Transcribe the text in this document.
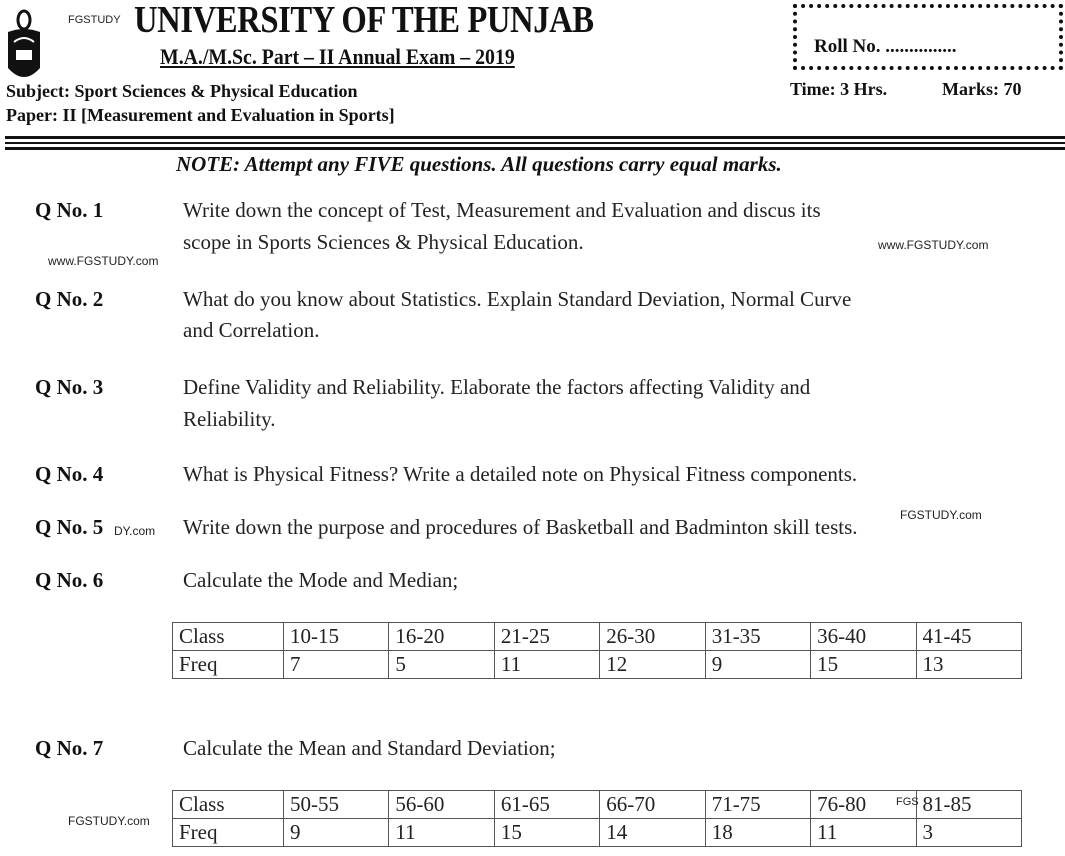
FGSTUDY UNIVERSITY OF THE PUNJAB
M.A./M.Sc. Part – II Annual Exam – 2019
Subject: Sport Sciences & Physical Education
Paper: II [Measurement and Evaluation in Sports]
Roll No. ...............
Time: 3 Hrs.	Marks: 70
NOTE: Attempt any FIVE questions. All questions carry equal marks.
Q No. 1	Write down the concept of Test, Measurement and Evaluation and discus its
scope in Sports Sciences & Physical Education.
www.FGSTUDY.com
www.FGSTUDY.com
Q No. 2	What do you know about Statistics. Explain Standard Deviation, Normal Curve
and Correlation.
Q No. 3	Define Validity and Reliability. Elaborate the factors affecting Validity and
Reliability.
Q No. 4	What is Physical Fitness? Write a detailed note on Physical Fitness components.
Q No. 5 DY.com Write down the purpose and procedures of Basketball and Badminton skill tests.	FGSTUDY.com
Q No. 6	Calculate the Mode and Median;
Class	10-15	16-20	21-25	26-30	31-35	36-40	41-45
Freq	7	5	11	12	9	15	13
Q No. 7	Calculate the Mean and Standard Deviation;
FGSTUDY.com
Class	50-55	56-60	61-65	66-70	71-75	76-80	81-85
Freq	9	11	15	14	18	11	3
FGS
